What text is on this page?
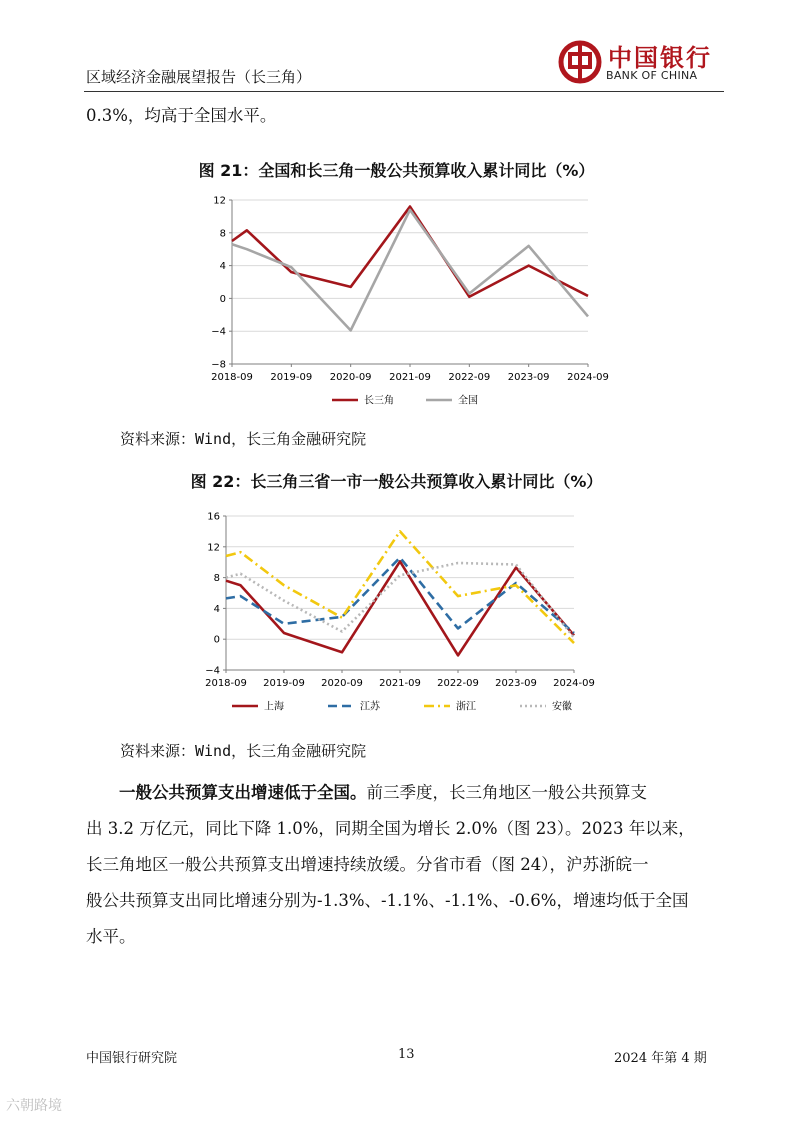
区域经济金融展望报告（长三角）
中国银行
BANK OF CHINA
0.3%，均高于全国水平。
图 21：全国和长三角一般公共预算收入累计同比（%）
−8
−4
0
4
8
12
2018-09 2019-09 2020-09 2021-09 2022-09 2023-09 2024-09
长三角	全国
资料来源：Wind，长三角金融研究院
图 22：长三角三省一市一般公共预算收入累计同比（%）
−4
0
4
8
12
16
2018-09 2019-09 2020-09 2021-09 2022-09 2023-09 2024-09
上海	江苏	浙江	安徽
资料来源：Wind，长三角金融研究院
一般公共预算支出增速低于全国。前三季度，长三角地区一般公共预算支
出 3.2 万亿元，同比下降 1.0%，同期全国为增长 2.0%（图 23）。2023 年以来，
长三角地区一般公共预算支出增速持续放缓。分省市看（图 24），沪苏浙皖一
般公共预算支出同比增速分别为-1.3%、-1.1%、-1.1%、-0.6%，增速均低于全国
水平。
中国银行研究院	13	2024 年第 4 期
六朝路境
